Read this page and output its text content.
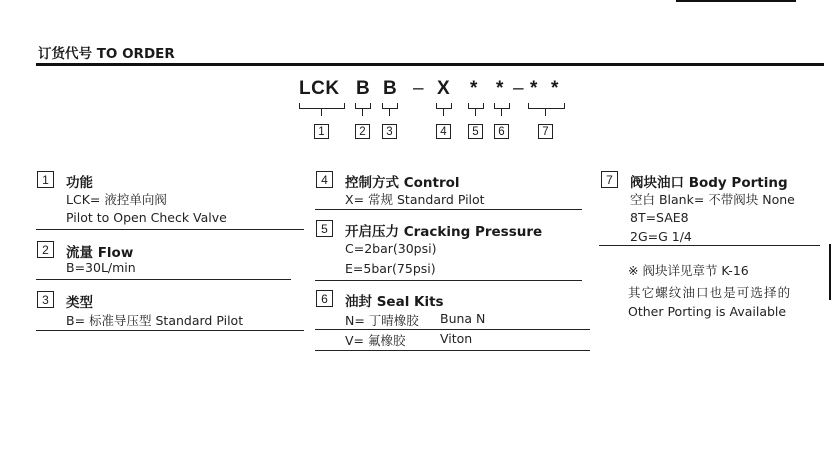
订货代号 TO ORDER
LCK B B – X * * – * *
1	2	3	4	5	6	7
1	功能
LCK= 液控单向阀
Pilot to Open Check Valve
2	流量 Flow
B=30L/min
3	类型
B= 标准导压型 Standard Pilot
4	控制方式 Control
X= 常规 Standard Pilot
5	开启压力 Cracking Pressure
C=2bar(30psi)
E=5bar(75psi)
6	油封 Seal Kits
N= 丁晴橡胶 Buna N
V= 氟橡胶	Viton
7	阀块油口 Body Porting
空白 Blank= 不带阀块 None
8T=SAE8
2G=G 1/4
※ 阀块详见章节 K-16
其它螺纹油口也是可选择的
Other Porting is Available
